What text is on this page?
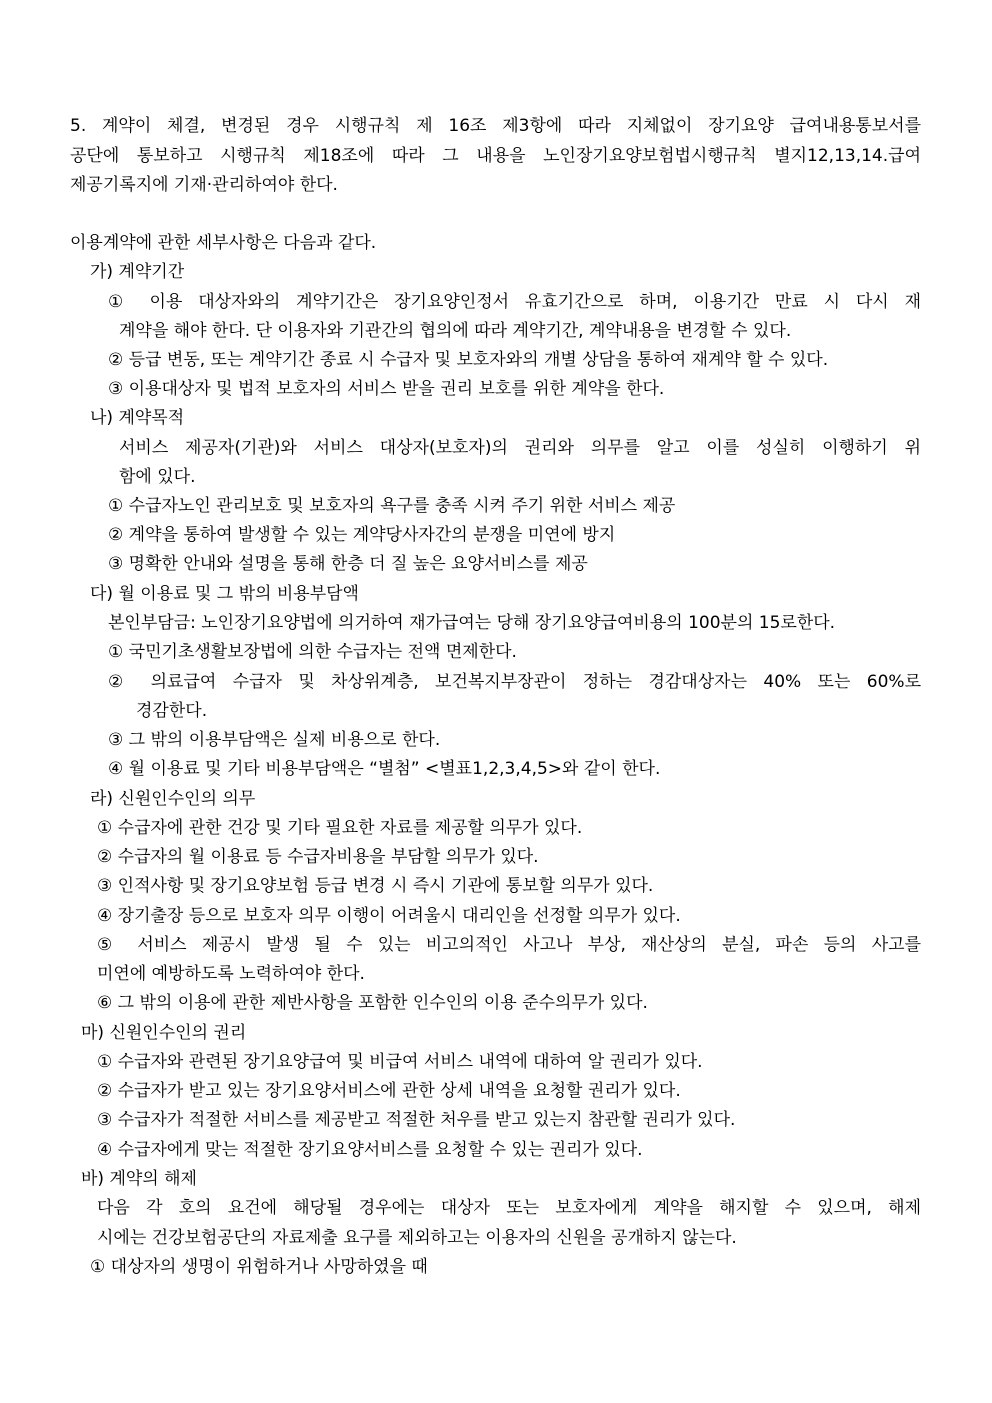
5. 계약이 체결, 변경된 경우 시행규칙 제 16조 제3항에 따라 지체없이 장기요양 급여내용통보서를
공단에 통보하고 시행규칙 제18조에 따라 그 내용을 노인장기요양보험법시행규칙 별지12,13,14.급여
제공기록지에 기재·관리하여야 한다.
이용계약에 관한 세부사항은 다음과 같다.
가) 계약기간
① 이용 대상자와의 계약기간은 장기요양인정서 유효기간으로 하며, 이용기간 만료 시 다시 재
계약을 해야 한다. 단 이용자와 기관간의 협의에 따라 계약기간, 계약내용을 변경할 수 있다.
② 등급 변동, 또는 계약기간 종료 시 수급자 및 보호자와의 개별 상담을 통하여 재계약 할 수 있다.
③ 이용대상자 및 법적 보호자의 서비스 받을 권리 보호를 위한 계약을 한다.
나) 계약목적
서비스 제공자(기관)와 서비스 대상자(보호자)의 권리와 의무를 알고 이를 성실히 이행하기 위
함에 있다.
① 수급자노인 관리보호 및 보호자의 욕구를 충족 시켜 주기 위한 서비스 제공
② 계약을 통하여 발생할 수 있는 계약당사자간의 분쟁을 미연에 방지
③ 명확한 안내와 설명을 통해 한층 더 질 높은 요양서비스를 제공
다) 월 이용료 및 그 밖의 비용부담액
본인부담금: 노인장기요양법에 의거하여 재가급여는 당해 장기요양급여비용의 100분의 15로한다.
① 국민기초생활보장법에 의한 수급자는 전액 면제한다.
② 의료급여 수급자 및 차상위계층, 보건복지부장관이 정하는 경감대상자는 40% 또는 60%로
경감한다.
③ 그 밖의 이용부담액은 실제 비용으로 한다.
④ 월 이용료 및 기타 비용부담액은 “별첨” <별표1,2,3,4,5>와 같이 한다.
라) 신원인수인의 의무
① 수급자에 관한 건강 및 기타 필요한 자료를 제공할 의무가 있다.
② 수급자의 월 이용료 등 수급자비용을 부담할 의무가 있다.
③ 인적사항 및 장기요양보험 등급 변경 시 즉시 기관에 통보할 의무가 있다.
④ 장기출장 등으로 보호자 의무 이행이 어려울시 대리인을 선정할 의무가 있다.
⑤ 서비스 제공시 발생 될 수 있는 비고의적인 사고나 부상, 재산상의 분실, 파손 등의 사고를
미연에 예방하도록 노력하여야 한다.
⑥ 그 밖의 이용에 관한 제반사항을 포함한 인수인의 이용 준수의무가 있다.
마) 신원인수인의 권리
① 수급자와 관련된 장기요양급여 및 비급여 서비스 내역에 대하여 알 권리가 있다.
② 수급자가 받고 있는 장기요양서비스에 관한 상세 내역을 요청할 권리가 있다.
③ 수급자가 적절한 서비스를 제공받고 적절한 처우를 받고 있는지 참관할 권리가 있다.
④ 수급자에게 맞는 적절한 장기요양서비스를 요청할 수 있는 권리가 있다.
바) 계약의 해제
다음 각 호의 요건에 해당될 경우에는 대상자 또는 보호자에게 계약을 해지할 수 있으며, 해제
시에는 건강보험공단의 자료제출 요구를 제외하고는 이용자의 신원을 공개하지 않는다.
① 대상자의 생명이 위험하거나 사망하였을 때
